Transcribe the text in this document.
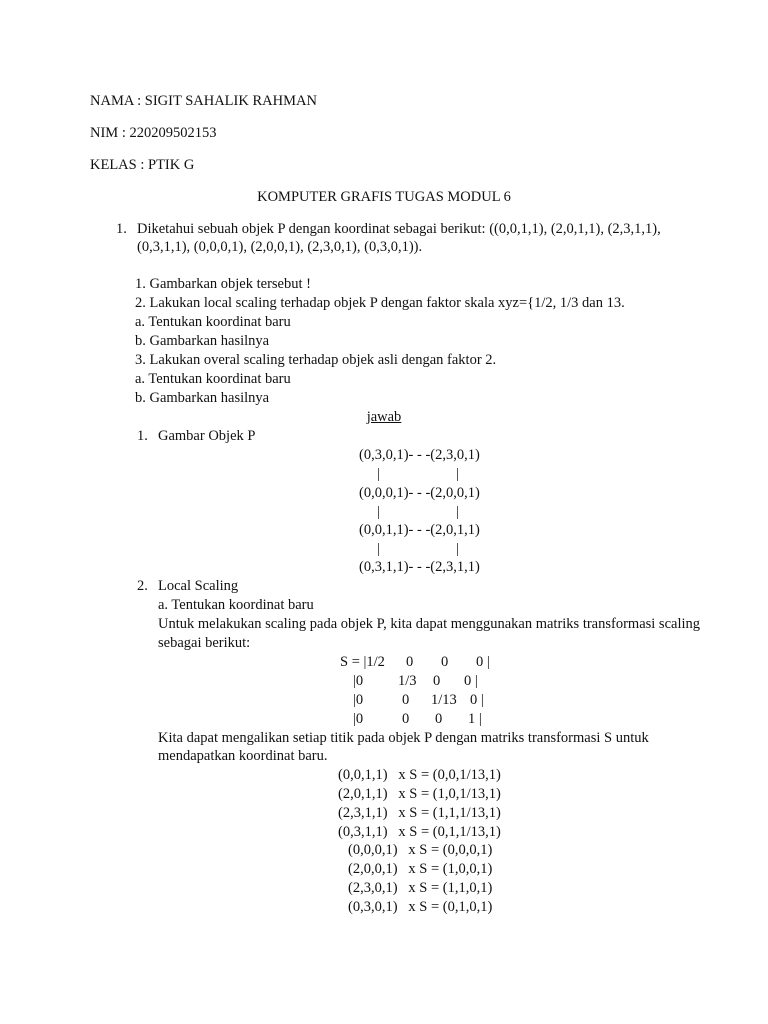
NAMA : SIGIT SAHALIK RAHMAN
NIM : 220209502153
KELAS : PTIK G
KOMPUTER GRAFIS TUGAS MODUL 6
1. Diketahui sebuah objek P dengan koordinat sebagai berikut: ((0,0,1,1), (2,0,1,1), (2,3,1,1),
(0,3,1,1), (0,0,0,1), (2,0,0,1), (2,3,0,1), (0,3,0,1)).
1. Gambarkan objek tersebut !
2. Lakukan local scaling terhadap objek P dengan faktor skala xyz={1/2, 1/3 dan 13.
a. Tentukan koordinat baru
b. Gambarkan hasilnya
3. Lakukan overal scaling terhadap objek asli dengan faktor 2.
a. Tentukan koordinat baru
b. Gambarkan hasilnya
jawab
1. Gambar Objek P
(0,3,0,1)- - -(2,3,0,1)
|	|
(0,0,0,1)- - -(2,0,0,1)
|	|
(0,0,1,1)- - -(2,0,1,1)
|	|
(0,3,1,1)- - -(2,3,1,1)
2. Local Scaling
a. Tentukan koordinat baru
Untuk melakukan scaling pada objek P, kita dapat menggunakan matriks transformasi scaling
sebagai berikut:
S = |1/2 0 0 0 |
|0 1/3 0 0 |
|0	0 1/13 0 |
|0	0 0 1 |
Kita dapat mengalikan setiap titik pada objek P dengan matriks transformasi S untuk
mendapatkan koordinat baru.
(0,0,1,1)   x S = (0,0,1/13,1)
(2,0,1,1)   x S = (1,0,1/13,1)
(2,3,1,1)   x S = (1,1,1/13,1)
(0,3,1,1)   x S = (0,1,1/13,1)
(0,0,0,1)   x S = (0,0,0,1)
(2,0,0,1)   x S = (1,0,0,1)
(2,3,0,1)   x S = (1,1,0,1)
(0,3,0,1)   x S = (0,1,0,1)
